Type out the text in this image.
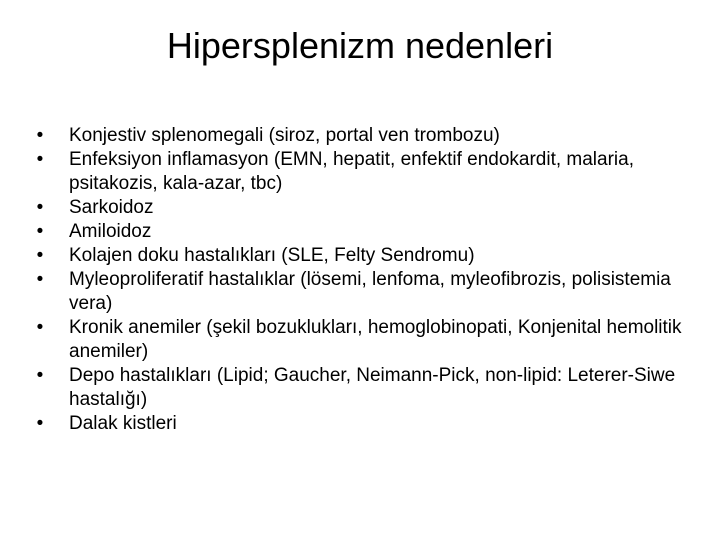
Hipersplenizm nedenleri
•	Konjestiv splenomegali (siroz, portal ven trombozu)
•	Enfeksiyon inflamasyon (EMN, hepatit, enfektif endokardit, malaria, psitakozis, kala-azar, tbc)
•	Sarkoidoz
•	Amiloidoz
•	Kolajen doku hastalıkları (SLE, Felty Sendromu)
•	Myleoproliferatif hastalıklar (lösemi, lenfoma, myleofibrozis, polisistemia vera)
•	Kronik anemiler (şekil bozuklukları, hemoglobinopati, Konjenital hemolitik anemiler)
•	Depo hastalıkları (Lipid; Gaucher, Neimann-Pick, non-lipid: Leterer-Siwe hastalığı)
•	Dalak kistleri
